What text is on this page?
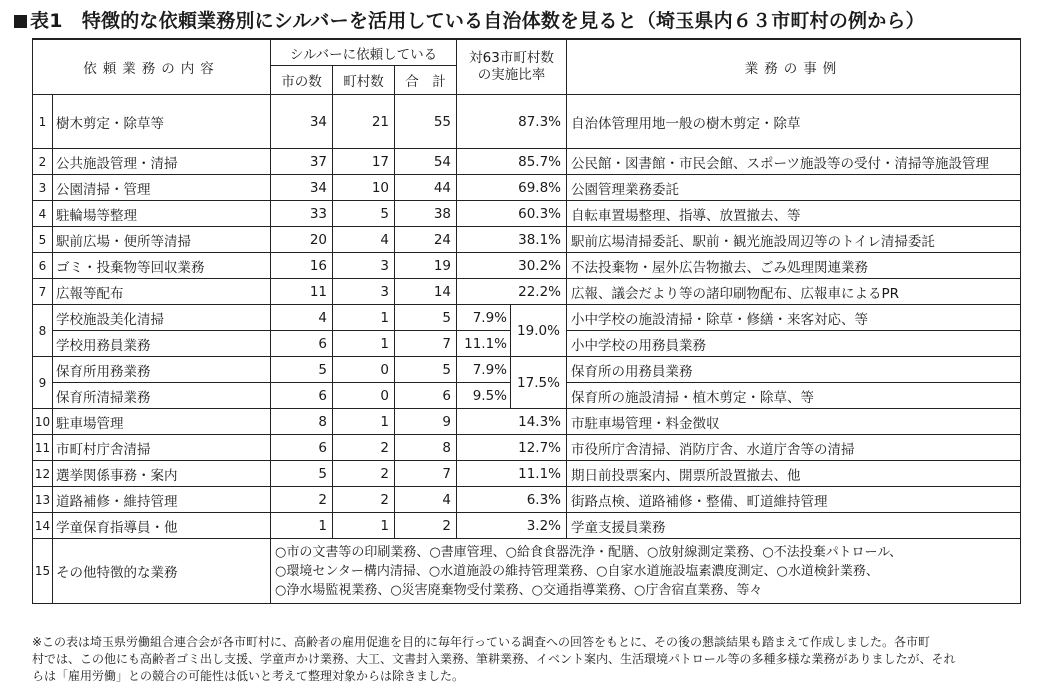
表1　特徴的な依頼業務別にシルバーを活用している自治体数を見ると（埼玉県内６３市町村の例から）
依頼業務の内容		シルバーに依頼している			対63市町村数
の実施比率		業務の事例
		市の数	町村数	合　計			
1	樹木剪定・除草等	34	21	55	87.3%		自治体管理用地一般の樹木剪定・除草
2	公共施設管理・清掃	37	17	54	85.7%		公民館・図書館・市民会館、スポーツ施設等の受付・清掃等施設管理
3	公園清掃・管理	34	10	44	69.8%		公園管理業務委託
4	駐輪場等整理	33	5	38	60.3%		自転車置場整理、指導、放置撤去、等
5	駅前広場・便所等清掃	20	4	24	38.1%		駅前広場清掃委託、駅前・観光施設周辺等のトイレ清掃委託
6	ゴミ・投棄物等回収業務	16	3	19	30.2%		不法投棄物・屋外広告物撤去、ごみ処理関連業務
7	広報等配布	11	3	14	22.2%		広報、議会だより等の諸印刷物配布、広報車によるPR
8	学校施設美化清掃	4	1	5	7.9%	19.0%	小中学校の施設清掃・除草・修繕・来客対応、等
	学校用務員業務	6	1	7	11.1%		小中学校の用務員業務
9	保育所用務業務	5	0	5	7.9%	17.5%	保育所の用務員業務
	保育所清掃業務	6	0	6	9.5%		保育所の施設清掃・植木剪定・除草、等
10	駐車場管理	8	1	9	14.3%		市駐車場管理・料金徴収
11	市町村庁舎清掃	6	2	8	12.7%		市役所庁舎清掃、消防庁舎、水道庁舎等の清掃
12	選挙関係事務・案内	5	2	7	11.1%		期日前投票案内、開票所設置撤去、他
13	道路補修・維持管理	2	2	4	6.3%		街路点検、道路補修・整備、町道維持管理
14	学童保育指導員・他	1	1	2	3.2%		学童支援員業務
15	その他特徴的な業務	○市の文書等の印刷業務、○書庫管理、○給食食器洗浄・配膳、○放射線測定業務、○不法投棄パトロール、
○環境センター構内清掃、○水道施設の維持管理業務、○自家水道施設塩素濃度測定、○水道検針業務、
○浄水場監視業務、○災害廃棄物受付業務、○交通指導業務、○庁舎宿直業務、等々					
※この表は埼玉県労働組合連合会が各市町村に、高齢者の雇用促進を目的に毎年行っている調査への回答をもとに、その後の懇談結果も踏まえて作成しました。各市町
村では、この他にも高齢者ゴミ出し支援、学童声かけ業務、大工、文書封入業務、筆耕業務、イベント案内、生活環境パトロール等の多種多様な業務がありましたが、それ
らは「雇用労働」との競合の可能性は低いと考えて整理対象からは除きました。
